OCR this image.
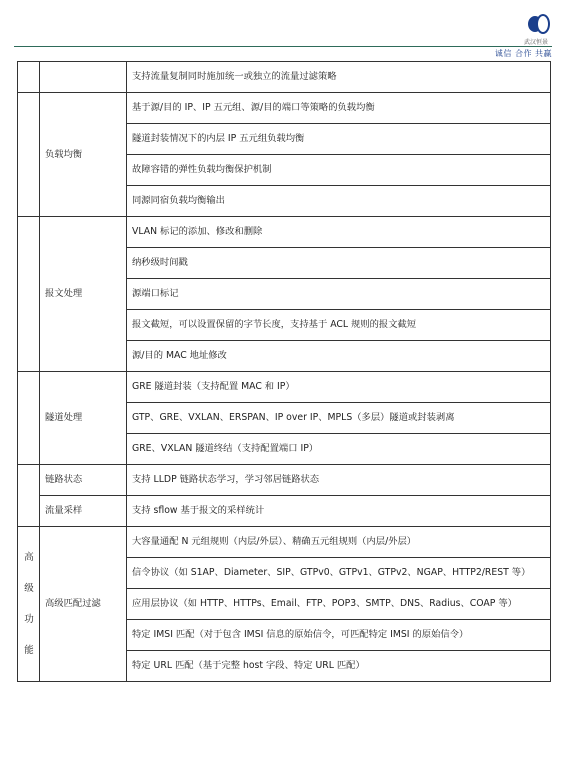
武汉恒景
诚信 合作 共赢
		支持流量复制同时施加统一或独立的流量过滤策略
	负载均衡	基于源/目的 IP、IP 五元组、源/目的端口等策略的负载均衡
		隧道封装情况下的内层 IP 五元组负载均衡
		故障容错的弹性负载均衡保护机制
		同源同宿负载均衡输出
	报文处理	VLAN 标记的添加、修改和删除
		纳秒级时间戳
		源端口标记
		报文截短，可以设置保留的字节长度，支持基于 ACL 规则的报文截短
		源/目的 MAC 地址修改
	隧道处理	GRE 隧道封装（支持配置 MAC 和 IP）
		GTP、GRE、VXLAN、ERSPAN、IP over IP、MPLS（多层）隧道或封装剥离
		GRE、VXLAN 隧道终结（支持配置端口 IP）
	链路状态	支持 LLDP 链路状态学习，学习邻居链路状态
	流量采样	支持 sflow 基于报文的采样统计

高
级
功
能	高级匹配过滤	大容量通配 N 元组规则（内层/外层）、精确五元组规则（内层/外层）

		信令协议（如 S1AP、Diameter、SIP、GTPv0、GTPv1、GTPv2、NGAP、HTTP2/REST 等）

		应用层协议（如 HTTP、HTTPs、Email、FTP、POP3、SMTP、DNS、Radius、COAP 等）
		特定 IMSI 匹配（对于包含 IMSI 信息的原始信令，可匹配特定 IMSI 的原始信令）
		特定 URL 匹配（基于完整 host 字段、特定 URL 匹配）
